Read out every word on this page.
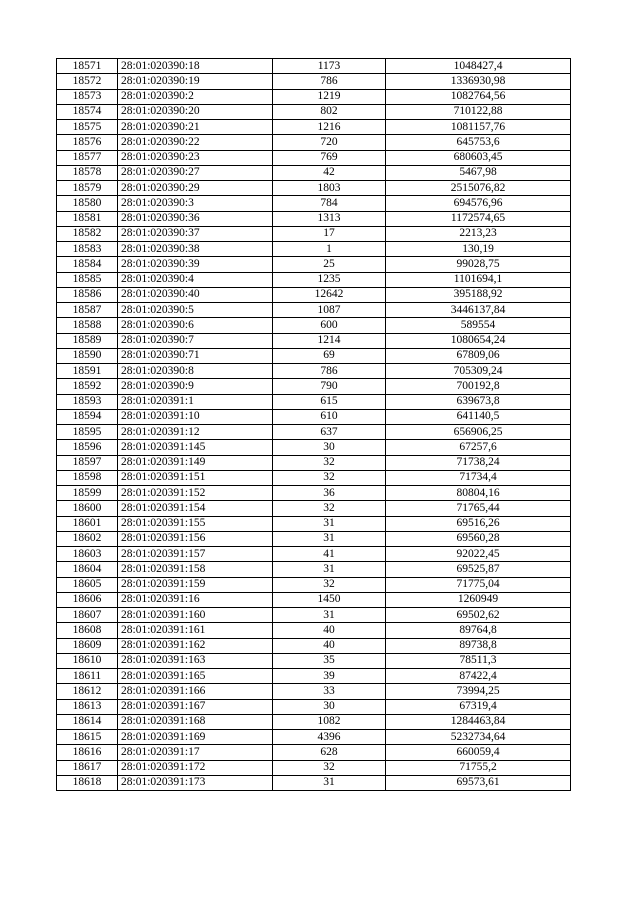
18571	28:01:020390:18	1173	1048427,4
18572	28:01:020390:19	786	1336930,98
18573	28:01:020390:2	1219	1082764,56
18574	28:01:020390:20	802	710122,88
18575	28:01:020390:21	1216	1081157,76
18576	28:01:020390:22	720	645753,6
18577	28:01:020390:23	769	680603,45
18578	28:01:020390:27	42	5467,98
18579	28:01:020390:29	1803	2515076,82
18580	28:01:020390:3	784	694576,96
18581	28:01:020390:36	1313	1172574,65
18582	28:01:020390:37	17	2213,23
18583	28:01:020390:38	1	130,19
18584	28:01:020390:39	25	99028,75
18585	28:01:020390:4	1235	1101694,1
18586	28:01:020390:40	12642	395188,92
18587	28:01:020390:5	1087	3446137,84
18588	28:01:020390:6	600	589554
18589	28:01:020390:7	1214	1080654,24
18590	28:01:020390:71	69	67809,06
18591	28:01:020390:8	786	705309,24
18592	28:01:020390:9	790	700192,8
18593	28:01:020391:1	615	639673,8
18594	28:01:020391:10	610	641140,5
18595	28:01:020391:12	637	656906,25
18596	28:01:020391:145	30	67257,6
18597	28:01:020391:149	32	71738,24
18598	28:01:020391:151	32	71734,4
18599	28:01:020391:152	36	80804,16
18600	28:01:020391:154	32	71765,44
18601	28:01:020391:155	31	69516,26
18602	28:01:020391:156	31	69560,28
18603	28:01:020391:157	41	92022,45
18604	28:01:020391:158	31	69525,87
18605	28:01:020391:159	32	71775,04
18606	28:01:020391:16	1450	1260949
18607	28:01:020391:160	31	69502,62
18608	28:01:020391:161	40	89764,8
18609	28:01:020391:162	40	89738,8
18610	28:01:020391:163	35	78511,3
18611	28:01:020391:165	39	87422,4
18612	28:01:020391:166	33	73994,25
18613	28:01:020391:167	30	67319,4
18614	28:01:020391:168	1082	1284463,84
18615	28:01:020391:169	4396	5232734,64
18616	28:01:020391:17	628	660059,4
18617	28:01:020391:172	32	71755,2
18618	28:01:020391:173	31	69573,61
